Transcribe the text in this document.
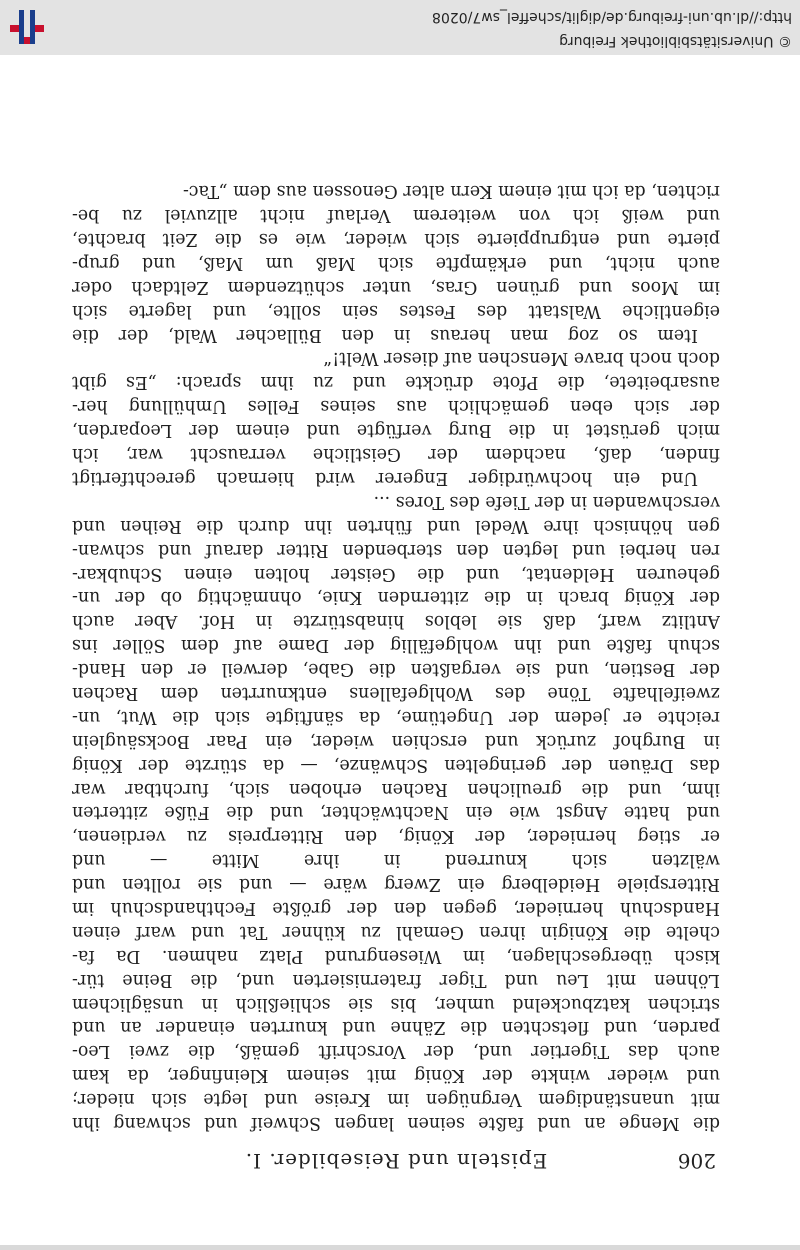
© Universitätsbibliothek Freiburg
http://dl.ub.uni-freiburg.de/diglit/scheffel_sw7/0208
206
Episteln und Reisebilder. I.
die Menge an und faßte seinen langen Schweif und schwang ihn
mit unanständigem Vergnügen im Kreise und legte sich nieder;
und wieder winkte der König mit seinem Kleinfinger, da kam
auch das Tigertier und, der Vorschrift gemäß, die zwei Leo-
parden, und fletschten die Zähne und knurrten einander an und
strichen katzbuckelnd umher, bis sie schließlich in unsäglichem
Löhnen mit Leu und Tiger fraternisierten und, die Beine tür-
kisch übergeschlagen, im Wiesengrund Platz nahmen. Da fa-
chelte die Königin ihren Gemahl zu kühner Tat und warf einen
Handschuh hernieder, gegen den der größte Fechthandschuh im
Ritterspiele Heidelberg ein Zwerg wäre — und sie rollten und
wälzten sich knurrend in ihre Mitte — und
er stieg hernieder, der König, den Ritterpreis zu verdienen,
und hatte Angst wie ein Nachtwächter, und die Füße zitterten
ihm, und die greulichen Rachen erhoben sich, furchtbar war
das Dräuen der geringelten Schwänze, — da stürzte der König
in Burghof zurück und erschien wieder, ein Paar Bocksäuglein
reichte er jedem der Ungetüme, da sänftigte sich die Wut, un-
zweifelhafte Töne des Wohlgefallens entknurrten dem Rachen
der Bestien, und sie vergaßten die Gabe, derweil er den Hand-
schuh faßte und ihn wohlgefällig der Dame auf dem Söller ins
Antlitz warf, daß sie leblos hinabstürzte in Hof. Aber auch
der König brach in die zitternden Knie, ohnmächtig ob der un-
geheuren Heldentat, und die Geister holten einen Schubkar-
ren herbei und legten den sterbenden Ritter darauf und schwan-
gen höhnisch ihre Wedel und führten ihn durch die Reihen und
verschwanden in der Tiefe des Tores ...
Und ein hochwürdiger Engerer wird hiernach gerechtfertigt
finden, daß, nachdem der Geistliche verrauscht war, ich
mich gerüstet in die Burg verfügte und einem der Leoparden,
der sich eben gemächlich aus seines Felles Umhüllung her-
ausarbeitete, die Pfote drückte und zu ihm sprach: „Es gibt
doch noch brave Menschen auf dieser Welt!“
Item so zog man heraus in den Büllacher Wald, der die
eigentliche Walstatt des Festes sein sollte, und lagerte sich
im Moos und grünen Gras, unter schützendem Zeltdach oder
auch nicht, und erkämpfte sich Maß um Maß, und grup-
pierte und entgruppierte sich wieder, wie es die Zeit brachte,
und weiß ich von weiterem Verlauf nicht allzuviel zu be-
richten, da ich mit einem Kern alter Genossen aus dem „Tac-
